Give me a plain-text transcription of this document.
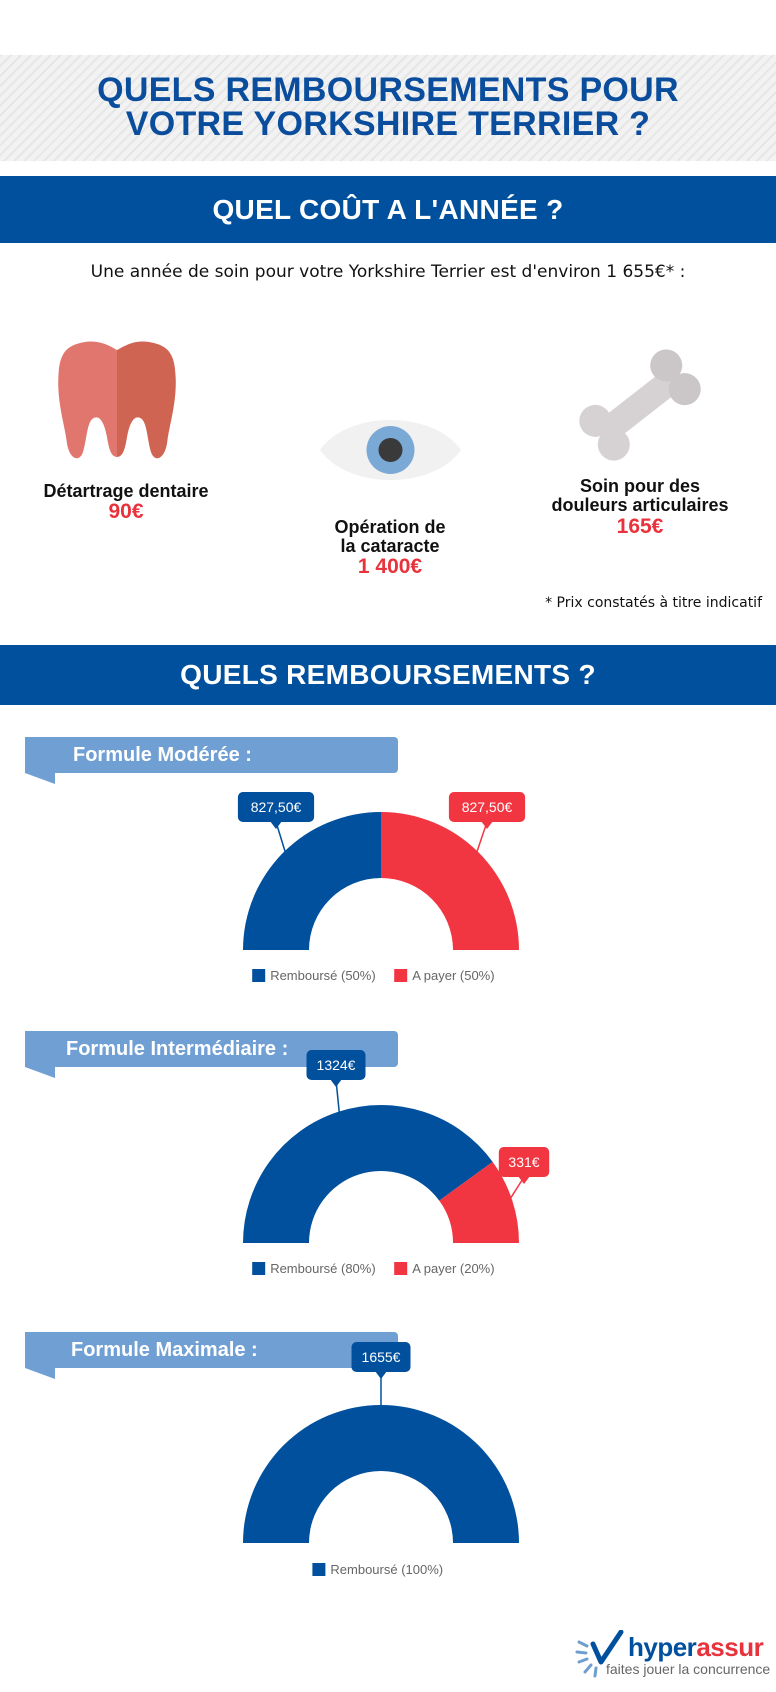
QUELS REMBOURSEMENTS POUR
VOTRE YORKSHIRE TERRIER ?
QUEL COÛT A L'ANNÉE ?
Une année de soin pour votre Yorkshire Terrier est d'environ 1 655€* :
Détartrage dentaire
90€
Opération de
la cataracte
1 400€
Soin pour des
douleurs articulaires
165€
* Prix constatés à titre indicatif
QUELS REMBOURSEMENTS ?
Formule Modérée :
Formule Intermédiaire :
Formule Maximale :
827,50€	827,50€
Remboursé (50%)	A payer (50%)
1324€
331€
Remboursé (80%)	A payer (20%)
1655€
Remboursé (100%)
hyperassur
faites jouer la concurrence
